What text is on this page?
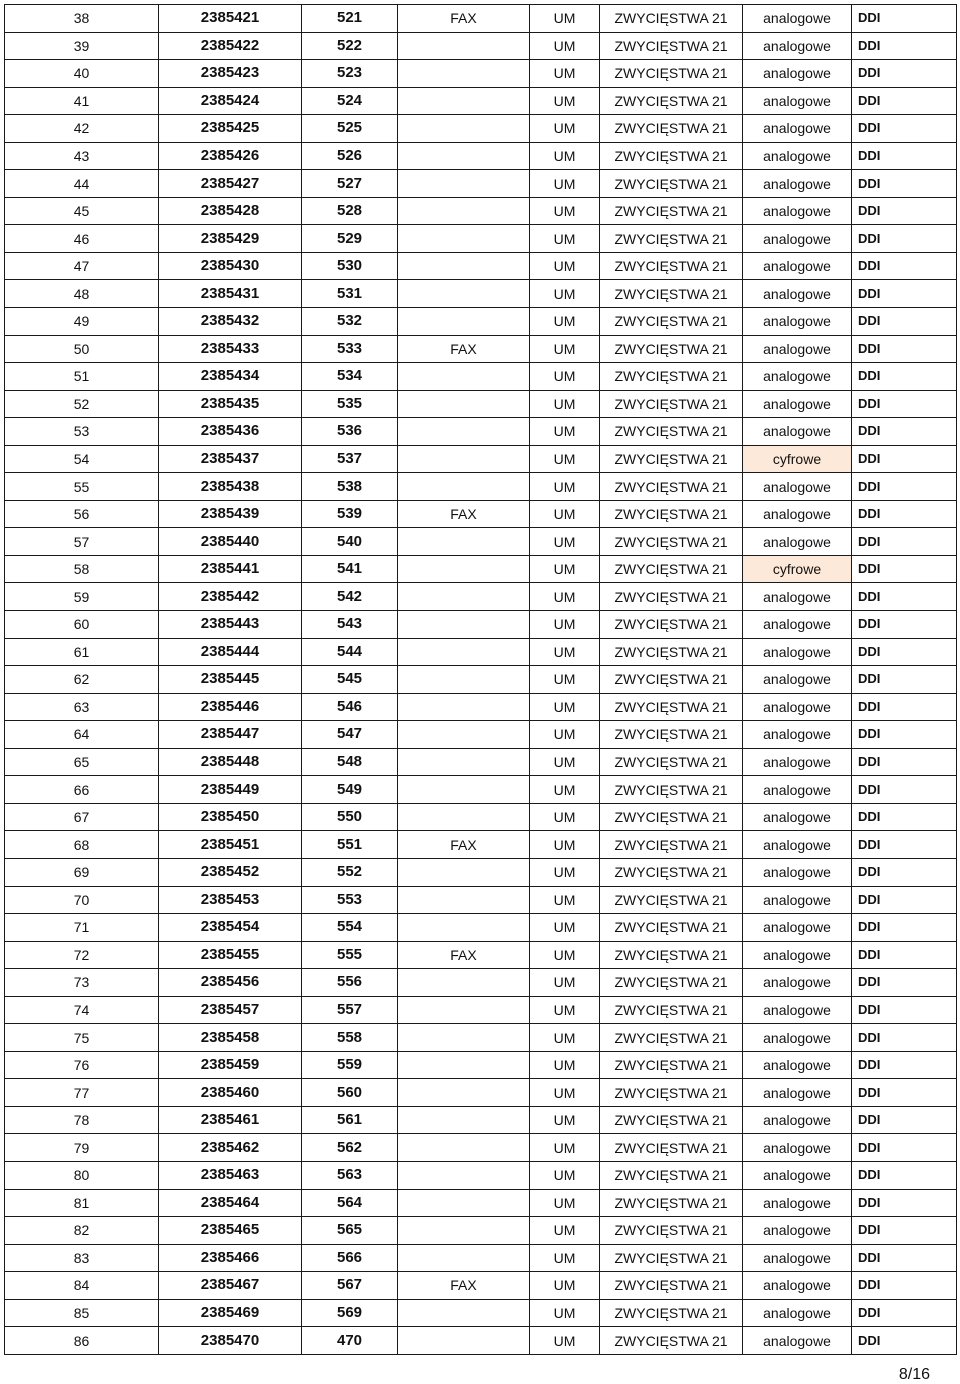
38	2385421	521	FAX	UM	ZWYCIĘSTWA 21	analogowe	DDI
39	2385422	522		UM	ZWYCIĘSTWA 21	analogowe	DDI
40	2385423	523		UM	ZWYCIĘSTWA 21	analogowe	DDI
41	2385424	524		UM	ZWYCIĘSTWA 21	analogowe	DDI
42	2385425	525		UM	ZWYCIĘSTWA 21	analogowe	DDI
43	2385426	526		UM	ZWYCIĘSTWA 21	analogowe	DDI
44	2385427	527		UM	ZWYCIĘSTWA 21	analogowe	DDI
45	2385428	528		UM	ZWYCIĘSTWA 21	analogowe	DDI
46	2385429	529		UM	ZWYCIĘSTWA 21	analogowe	DDI
47	2385430	530		UM	ZWYCIĘSTWA 21	analogowe	DDI
48	2385431	531		UM	ZWYCIĘSTWA 21	analogowe	DDI
49	2385432	532		UM	ZWYCIĘSTWA 21	analogowe	DDI
50	2385433	533	FAX	UM	ZWYCIĘSTWA 21	analogowe	DDI
51	2385434	534		UM	ZWYCIĘSTWA 21	analogowe	DDI
52	2385435	535		UM	ZWYCIĘSTWA 21	analogowe	DDI
53	2385436	536		UM	ZWYCIĘSTWA 21	analogowe	DDI
54	2385437	537		UM	ZWYCIĘSTWA 21	cyfrowe	DDI
55	2385438	538		UM	ZWYCIĘSTWA 21	analogowe	DDI
56	2385439	539	FAX	UM	ZWYCIĘSTWA 21	analogowe	DDI
57	2385440	540		UM	ZWYCIĘSTWA 21	analogowe	DDI
58	2385441	541		UM	ZWYCIĘSTWA 21	cyfrowe	DDI
59	2385442	542		UM	ZWYCIĘSTWA 21	analogowe	DDI
60	2385443	543		UM	ZWYCIĘSTWA 21	analogowe	DDI
61	2385444	544		UM	ZWYCIĘSTWA 21	analogowe	DDI
62	2385445	545		UM	ZWYCIĘSTWA 21	analogowe	DDI
63	2385446	546		UM	ZWYCIĘSTWA 21	analogowe	DDI
64	2385447	547		UM	ZWYCIĘSTWA 21	analogowe	DDI
65	2385448	548		UM	ZWYCIĘSTWA 21	analogowe	DDI
66	2385449	549		UM	ZWYCIĘSTWA 21	analogowe	DDI
67	2385450	550		UM	ZWYCIĘSTWA 21	analogowe	DDI
68	2385451	551	FAX	UM	ZWYCIĘSTWA 21	analogowe	DDI
69	2385452	552		UM	ZWYCIĘSTWA 21	analogowe	DDI
70	2385453	553		UM	ZWYCIĘSTWA 21	analogowe	DDI
71	2385454	554		UM	ZWYCIĘSTWA 21	analogowe	DDI
72	2385455	555	FAX	UM	ZWYCIĘSTWA 21	analogowe	DDI
73	2385456	556		UM	ZWYCIĘSTWA 21	analogowe	DDI
74	2385457	557		UM	ZWYCIĘSTWA 21	analogowe	DDI
75	2385458	558		UM	ZWYCIĘSTWA 21	analogowe	DDI
76	2385459	559		UM	ZWYCIĘSTWA 21	analogowe	DDI
77	2385460	560		UM	ZWYCIĘSTWA 21	analogowe	DDI
78	2385461	561		UM	ZWYCIĘSTWA 21	analogowe	DDI
79	2385462	562		UM	ZWYCIĘSTWA 21	analogowe	DDI
80	2385463	563		UM	ZWYCIĘSTWA 21	analogowe	DDI
81	2385464	564		UM	ZWYCIĘSTWA 21	analogowe	DDI
82	2385465	565		UM	ZWYCIĘSTWA 21	analogowe	DDI
83	2385466	566		UM	ZWYCIĘSTWA 21	analogowe	DDI
84	2385467	567	FAX	UM	ZWYCIĘSTWA 21	analogowe	DDI
85	2385469	569		UM	ZWYCIĘSTWA 21	analogowe	DDI
86	2385470	470		UM	ZWYCIĘSTWA 21	analogowe	DDI
8/16
